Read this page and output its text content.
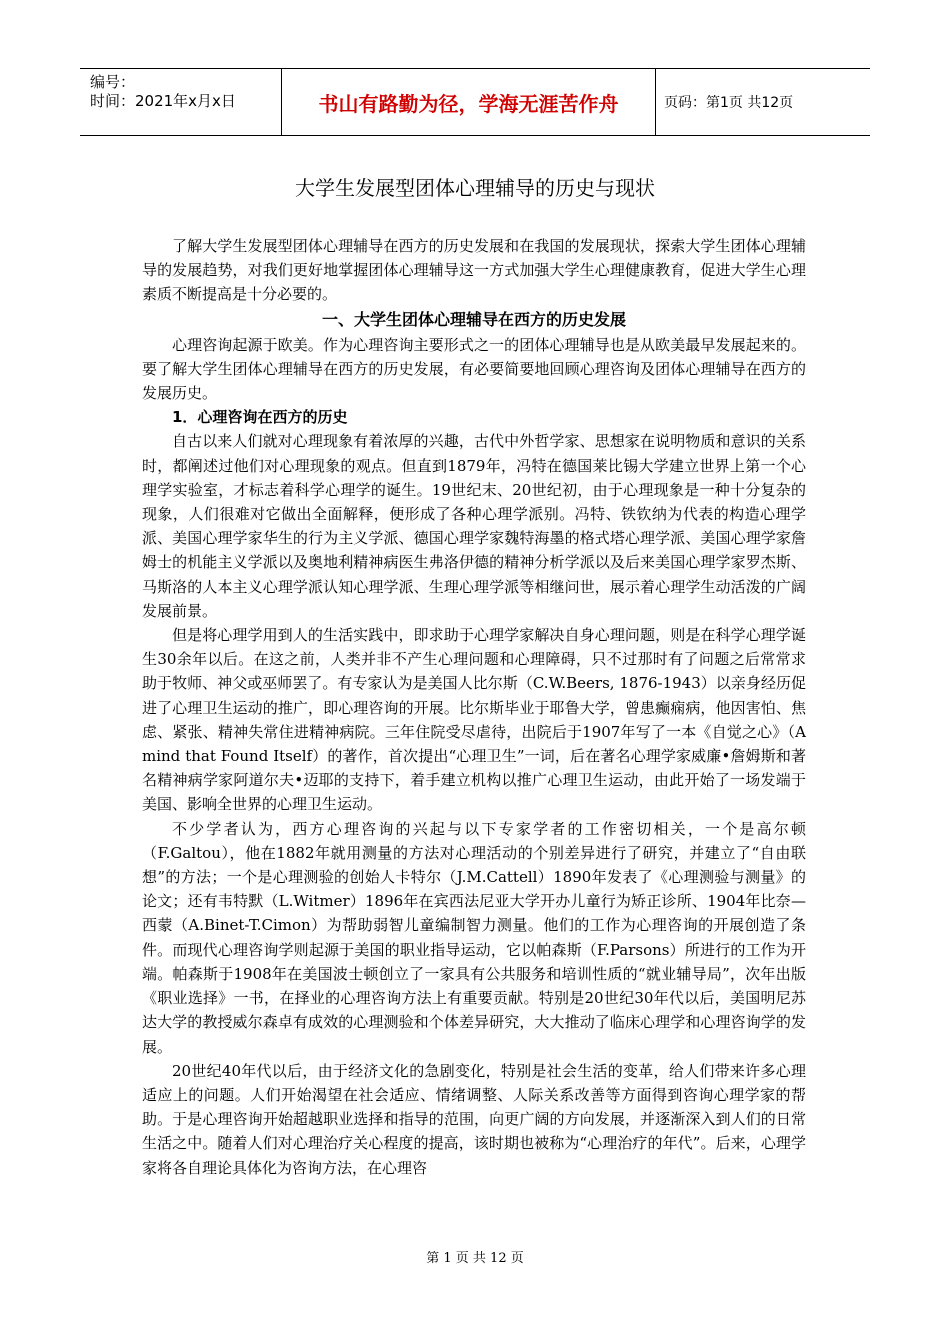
编号：
时间：2021年x月x日	书山有路勤为径，学海无涯苦作舟	页码：第1页 共12页
大学生发展型团体心理辅导的历史与现状

了解大学生发展型团体心理辅导在西方的历史发展和在我国的发展现状，探索大学生团体心理辅导的发展趋势，对我们更好地掌握团体心理辅导这一方式加强大学生心理健康教育，促进大学生心理素质不断提高是十分必要的。

一、大学生团体心理辅导在西方的历史发展

心理咨询起源于欧美。作为心理咨询主要形式之一的团体心理辅导也是从欧美最早发展起来的。要了解大学生团体心理辅导在西方的历史发展，有必要简要地回顾心理咨询及团体心理辅导在西方的发展历史。

1．心理咨询在西方的历史

自古以来人们就对心理现象有着浓厚的兴趣，古代中外哲学家、思想家在说明物质和意识的关系时，都阐述过他们对心理现象的观点。但直到1879年，冯特在德国莱比锡大学建立世界上第一个心理学实验室，才标志着科学心理学的诞生。19世纪末、20世纪初，由于心理现象是一种十分复杂的现象，人们很难对它做出全面解释，便形成了各种心理学派别。冯特、铁钦纳为代表的构造心理学派、美国心理学家华生的行为主义学派、德国心理学家魏特海墨的格式塔心理学派、美国心理学家詹姆士的机能主义学派以及奥地利精神病医生弗洛伊德的精神分析学派以及后来美国心理学家罗杰斯、马斯洛的人本主义心理学派认知心理学派、生理心理学派等相继问世，展示着心理学生动活泼的广阔发展前景。

但是将心理学用到人的生活实践中，即求助于心理学家解决自身心理问题，则是在科学心理学诞生30余年以后。在这之前，人类并非不产生心理问题和心理障碍，只不过那时有了问题之后常常求助于牧师、神父或巫师罢了。有专家认为是美国人比尔斯（C.W.Beers, 1876-1943）以亲身经历促进了心理卫生运动的推广，即心理咨询的开展。比尔斯毕业于耶鲁大学，曾患癫痫病，他因害怕、焦虑、紧张、精神失常住进精神病院。三年住院受尽虐待，出院后于1907年写了一本《自觉之心》（A mind that Found Itself）的著作，首次提出“心理卫生”一词，后在著名心理学家威廉•詹姆斯和著名精神病学家阿道尔夫•迈耶的支持下，着手建立机构以推广心理卫生运动，由此开始了一场发端于美国、影响全世界的心理卫生运动。

不少学者认为，西方心理咨询的兴起与以下专家学者的工作密切相关，一个是高尔顿（F.Galtou），他在1882年就用测量的方法对心理活动的个别差异进行了研究，并建立了“自由联想”的方法；一个是心理测验的创始人卡特尔（J.M.Cattell）1890年发表了《心理测验与测量》的论文；还有韦特默（L.Witmer）1896年在宾西法尼亚大学开办儿童行为矫正诊所、1904年比奈—西蒙（A.Binet-T.Cimon）为帮助弱智儿童编制智力测量。他们的工作为心理咨询的开展创造了条件。而现代心理咨询学则起源于美国的职业指导运动，它以帕森斯（F.Parsons）所进行的工作为开端。帕森斯于1908年在美国波士顿创立了一家具有公共服务和培训性质的“就业辅导局”，次年出版《职业选择》一书，在择业的心理咨询方法上有重要贡献。特别是20世纪30年代以后，美国明尼苏达大学的教授威尔森卓有成效的心理测验和个体差异研究，大大推动了临床心理学和心理咨询学的发展。

20世纪40年代以后，由于经济文化的急剧变化，特别是社会生活的变革，给人们带来许多心理适应上的问题。人们开始渴望在社会适应、情绪调整、人际关系改善等方面得到咨询心理学家的帮助。于是心理咨询开始超越职业选择和指导的范围，向更广阔的方向发展，并逐渐深入到人们的日常生活之中。随着人们对心理治疗关心程度的提高，该时期也被称为“心理治疗的年代”。后来，心理学家将各自理论具体化为咨询方法，在心理咨

第 1 页 共 12 页
